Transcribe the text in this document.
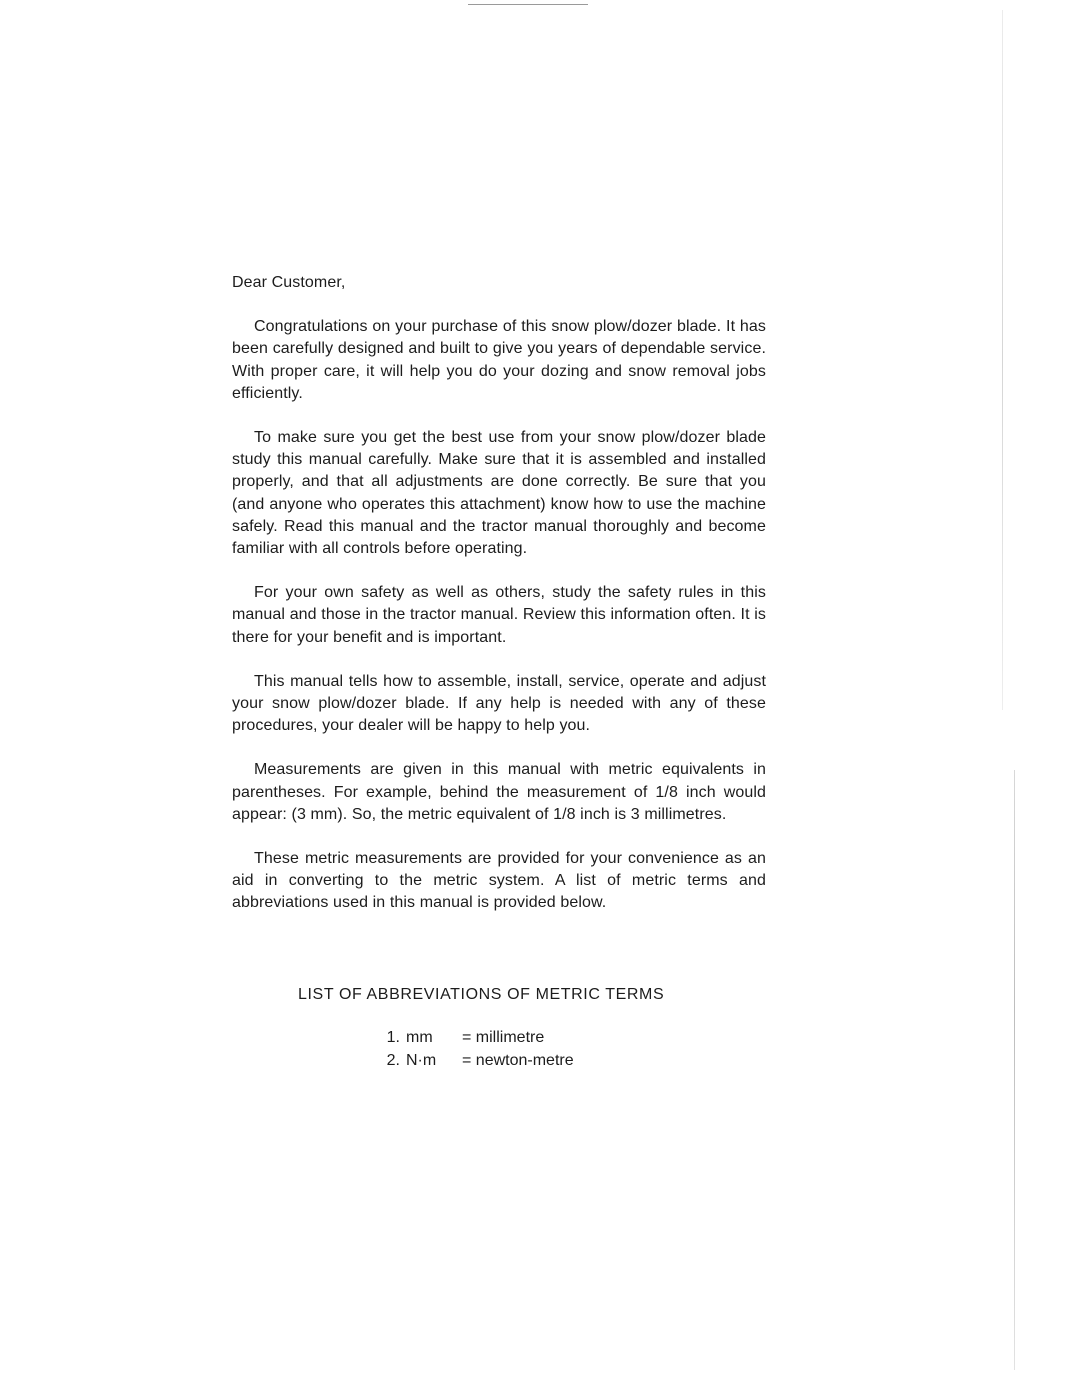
Dear Customer,

Congratulations on your purchase of this snow plow/dozer blade. It has been carefully designed and built to give you years of dependable service. With proper care, it will help you do your dozing and snow removal jobs efficiently.

To make sure you get the best use from your snow plow/dozer blade study this manual carefully. Make sure that it is assembled and installed properly, and that all adjustments are done correctly. Be sure that you (and anyone who operates this attachment) know how to use the machine safely. Read this manual and the tractor manual thoroughly and become familiar with all controls before operating.

For your own safety as well as others, study the safety rules in this manual and those in the tractor manual. Review this information often. It is there for your benefit and is important.

This manual tells how to assemble, install, service, operate and adjust your snow plow/dozer blade. If any help is needed with any of these procedures, your dealer will be happy to help you.

Measurements are given in this manual with metric equivalents in parentheses. For example, behind the measurement of 1/8 inch would appear: (3 mm). So, the metric equivalent of 1/8 inch is 3 millimetres.

These metric measurements are provided for your convenience as an aid in converting to the metric system. A list of metric terms and abbreviations used in this manual is provided below.

LIST OF ABBREVIATIONS OF METRIC TERMS
1. mm	= millimetre
2. N·m	= newton-metre
